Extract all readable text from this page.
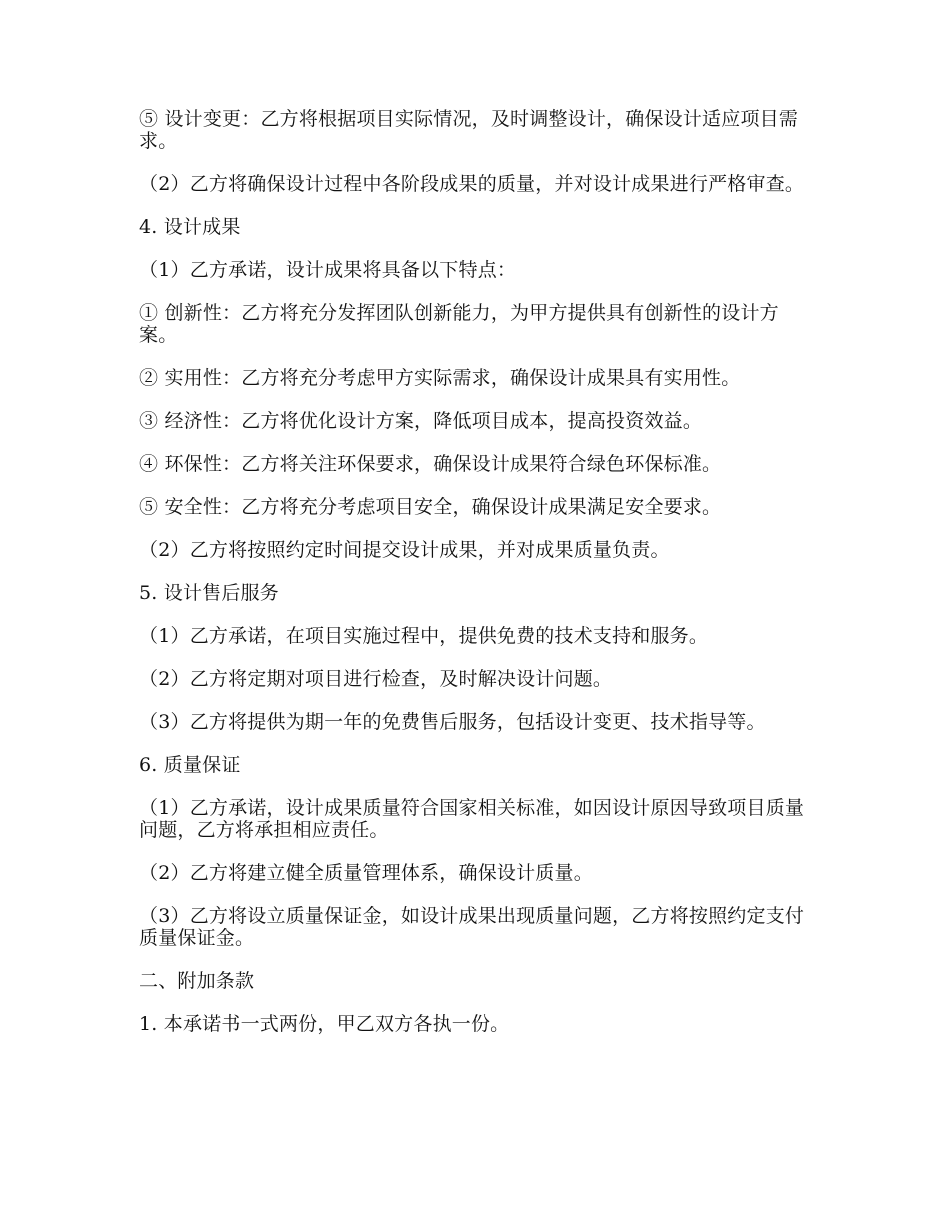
⑤ 设计变更：乙方将根据项目实际情况，及时调整设计，确保设计适应项目需求。

（2）乙方将确保设计过程中各阶段成果的质量，并对设计成果进行严格审查。

4. 设计成果

（1）乙方承诺，设计成果将具备以下特点：

① 创新性：乙方将充分发挥团队创新能力，为甲方提供具有创新性的设计方案。

② 实用性：乙方将充分考虑甲方实际需求，确保设计成果具有实用性。

③ 经济性：乙方将优化设计方案，降低项目成本，提高投资效益。

④ 环保性：乙方将关注环保要求，确保设计成果符合绿色环保标准。

⑤ 安全性：乙方将充分考虑项目安全，确保设计成果满足安全要求。

（2）乙方将按照约定时间提交设计成果，并对成果质量负责。

5. 设计售后服务

（1）乙方承诺，在项目实施过程中，提供免费的技术支持和服务。

（2）乙方将定期对项目进行检查，及时解决设计问题。

（3）乙方将提供为期一年的免费售后服务，包括设计变更、技术指导等。

6. 质量保证

（1）乙方承诺，设计成果质量符合国家相关标准，如因设计原因导致项目质量问题，乙方将承担相应责任。

（2）乙方将建立健全质量管理体系，确保设计质量。

（3）乙方将设立质量保证金，如设计成果出现质量问题，乙方将按照约定支付质量保证金。

二、附加条款

1. 本承诺书一式两份，甲乙双方各执一份。
